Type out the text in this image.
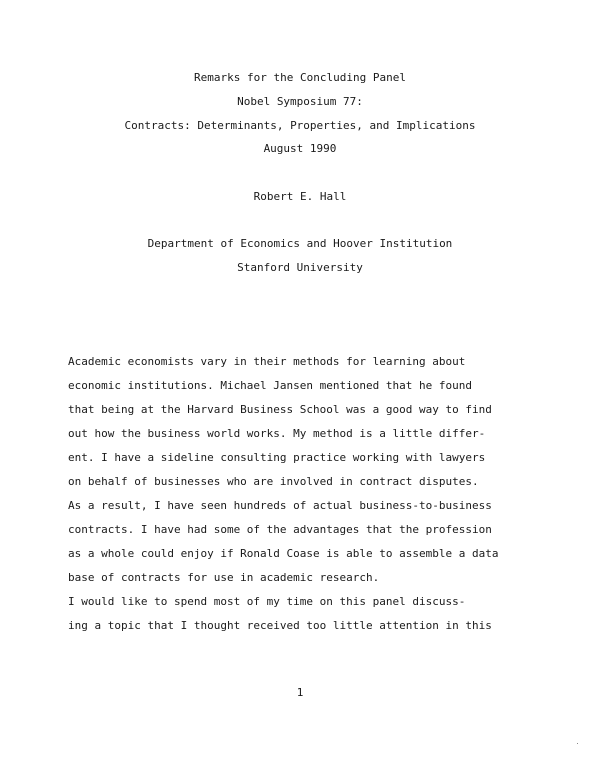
Remarks for the Concluding Panel
Nobel Symposium 77:
Contracts: Determinants, Properties, and Implications
August 1990
Robert E. Hall
Department of Economics and Hoover Institution
Stanford University
Academic economists vary in their methods for learning about
economic institutions. Michael Jansen mentioned that he found
that being at the Harvard Business School was a good way to find
out how the business world works. My method is a little differ-
ent. I have a sideline consulting practice working with lawyers
on behalf of businesses who are involved in contract disputes.
As a result, I have seen hundreds of actual business-to-business
contracts. I have had some of the advantages that the profession
as a whole could enjoy if Ronald Coase is able to assemble a data
base of contracts for use in academic research.
I would like to spend most of my time on this panel discuss-
ing a topic that I thought received too little attention in this
1
